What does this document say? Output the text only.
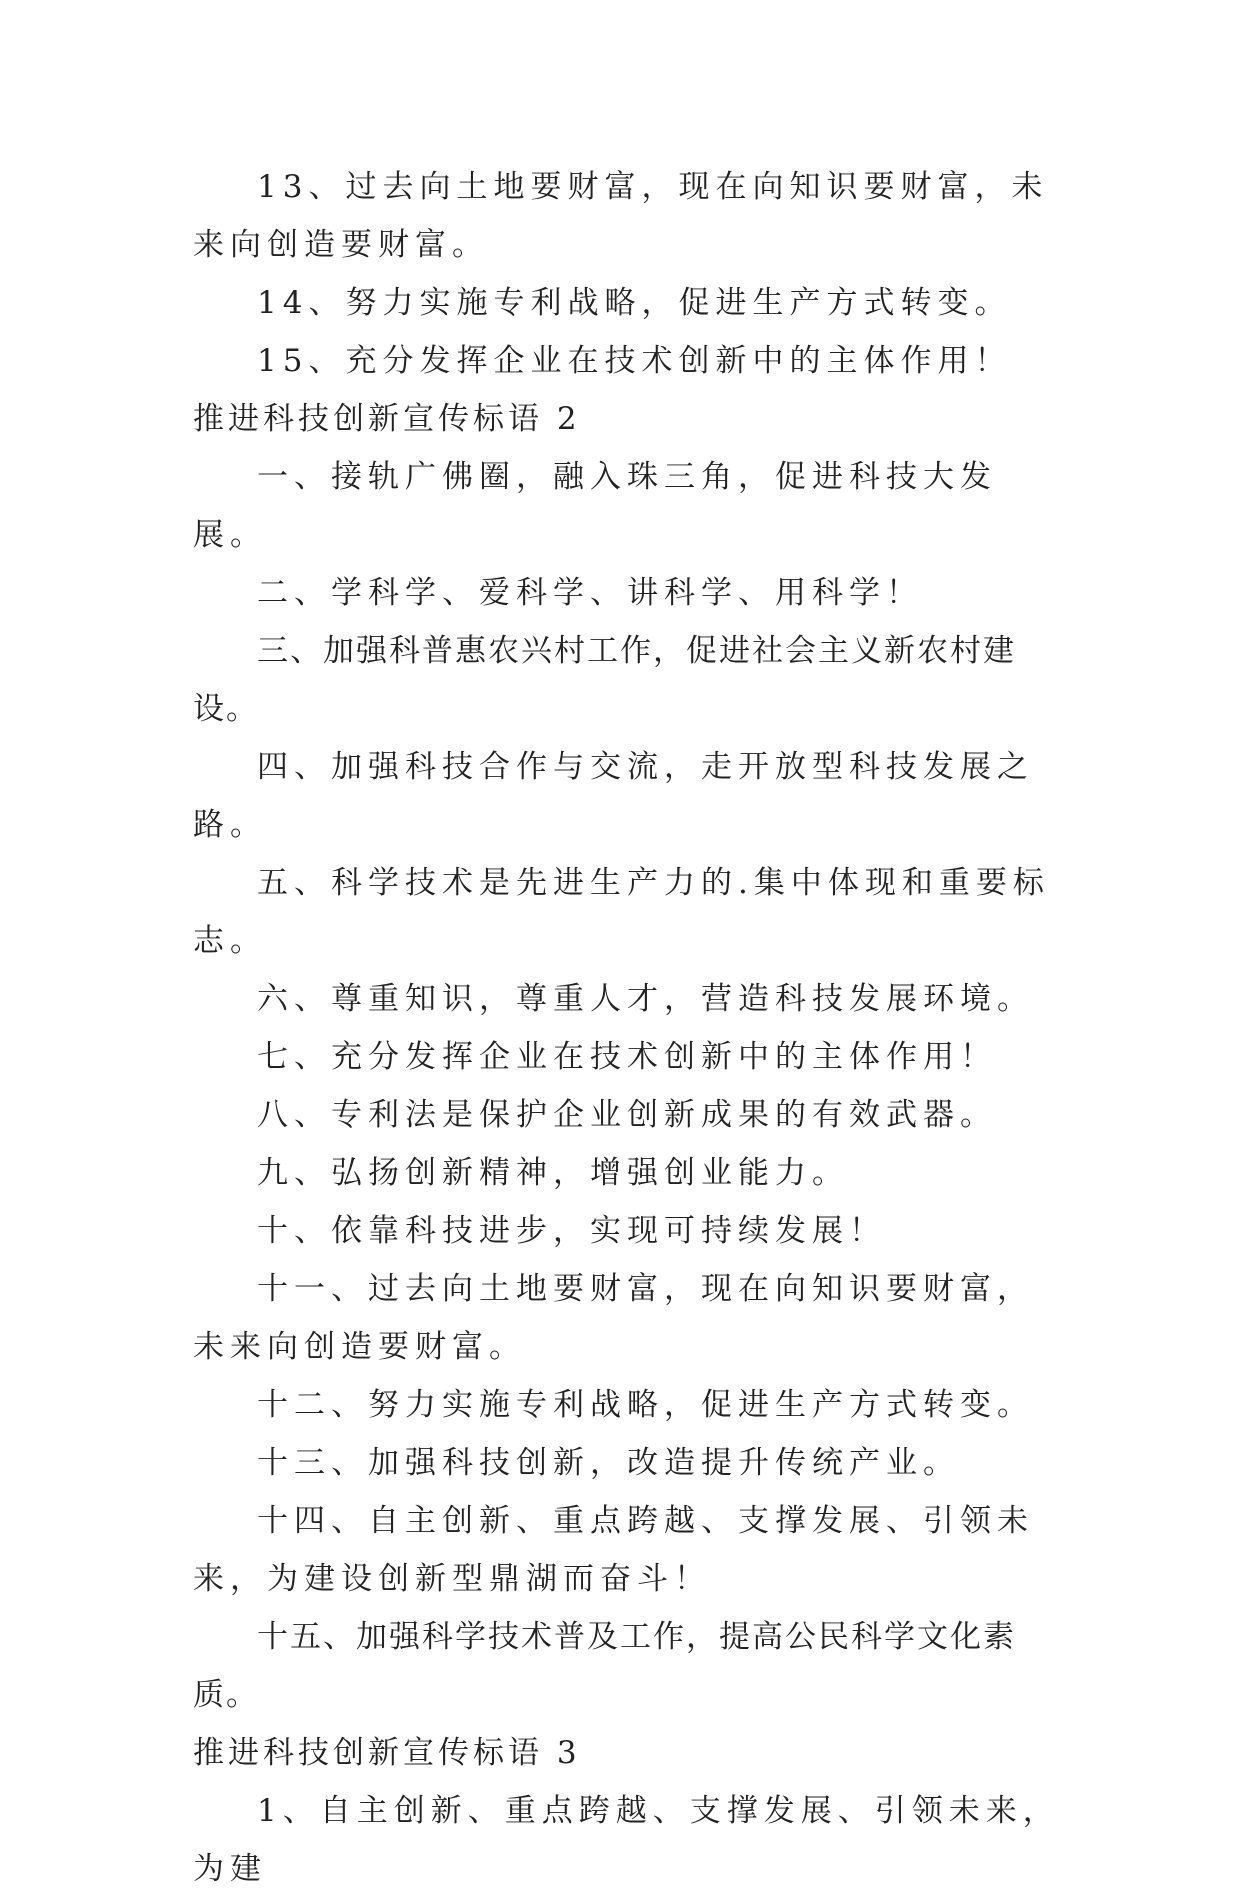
13、过去向土地要财富，现在向知识要财富，未来向创造要财富。

14、努力实施专利战略，促进生产方式转变。

15、充分发挥企业在技术创新中的主体作用！

推进科技创新宣传标语 2

一、接轨广佛圈，融入珠三角，促进科技大发展。

二、学科学、爱科学、讲科学、用科学！

三、加强科普惠农兴村工作，促进社会主义新农村建设。

四、加强科技合作与交流，走开放型科技发展之路。

五、科学技术是先进生产力的.集中体现和重要标志。

六、尊重知识，尊重人才，营造科技发展环境。

七、充分发挥企业在技术创新中的主体作用！

八、专利法是保护企业创新成果的有效武器。

九、弘扬创新精神，增强创业能力。

十、依靠科技进步，实现可持续发展！

十一、过去向土地要财富，现在向知识要财富，未来向创造要财富。

十二、努力实施专利战略，促进生产方式转变。

十三、加强科技创新，改造提升传统产业。

十四、自主创新、重点跨越、支撑发展、引领未来，为建设创新型鼎湖而奋斗！

十五、加强科学技术普及工作，提高公民科学文化素质。

推进科技创新宣传标语 3

1、自主创新、重点跨越、支撑发展、引领未来，为建
